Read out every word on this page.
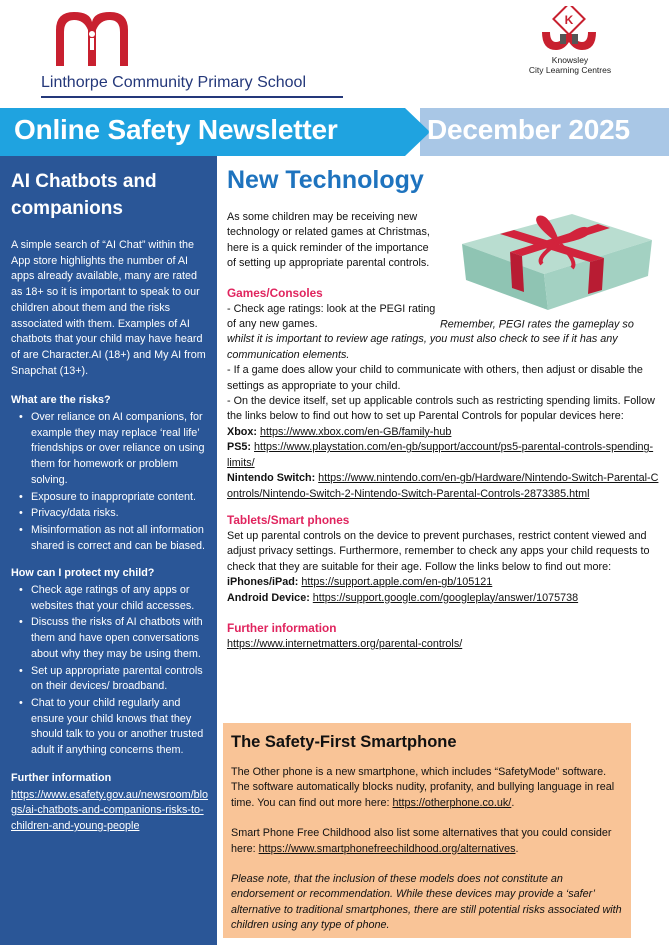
Linthorpe Community Primary School
K
Knowsley
City Learning Centres
Online Safety Newsletter	December 2025
AI Chatbots and companions
A simple search of “AI Chat” within the App store highlights the number of AI apps already available, many are rated as 18+ so it is important to speak to our children about them and the risks associated with them. Examples of AI chatbots that your child may have heard of are Character.AI (18+) and My AI from Snapchat (13+).
What are the risks?
• Over reliance on AI companions, for example they may replace ‘real life’ friendships or over reliance on using them for homework or problem solving.
• Exposure to inappropriate content.
• Privacy/data risks.
• Misinformation as not all information shared is correct and can be biased.
How can I protect my child?
• Check age ratings of any apps or websites that your child accesses.
• Discuss the risks of AI chatbots with them and have open conversations about why they may be using them.
• Set up appropriate parental controls on their devices/ broadband.
• Chat to your child regularly and ensure your child knows that they should talk to you or another trusted adult if anything concerns them.
Further information
https://www.esafety.gov.au/newsroom/blogs/ai-chatbots-and-companions-risks-to-children-and-young-people
New Technology
As some children may be receiving new technology or related games at Christmas, here is a quick reminder of the importance of setting up appropriate parental controls.
Games/Consoles
- Check age ratings: look at the PEGI rating of any new games.	Remember, PEGI rates the gameplay so whilst it is important to review age ratings, you must also check to see if it has any communication elements.
- If a game does allow your child to communicate with others, then adjust or disable the settings as appropriate to your child.
- On the device itself, set up applicable controls such as restricting spending limits. Follow the links below to find out how to set up Parental Controls for popular devices here:
Xbox: https://www.xbox.com/en-GB/family-hub
PS5: https://www.playstation.com/en-gb/support/account/ps5-parental-controls-spending-limits/
Nintendo Switch: https://www.nintendo.com/en-gb/Hardware/Nintendo-Switch-Parental-Controls/Nintendo-Switch-2-Nintendo-Switch-Parental-Controls-2873385.html
Tablets/Smart phones
Set up parental controls on the device to prevent purchases, restrict content viewed and adjust privacy settings. Furthermore, remember to check any apps your child requests to check that they are suitable for their age. Follow the links below to find out more:
iPhones/iPad: https://support.apple.com/en-gb/105121
Android Device: https://support.google.com/googleplay/answer/1075738
Further information
https://www.internetmatters.org/parental-controls/
The Safety-First Smartphone
The Other phone is a new smartphone, which includes “SafetyMode” software. The software automatically blocks nudity, profanity, and bullying language in real time. You can find out more here: https://otherphone.co.uk/.
Smart Phone Free Childhood also list some alternatives that you could consider here: https://www.smartphonefreechildhood.org/alternatives.
Please note, that the inclusion of these models does not constitute an endorsement or recommendation. While these devices may provide a ‘safer’ alternative to traditional smartphones, there are still potential risks associated with children using any type of phone.
